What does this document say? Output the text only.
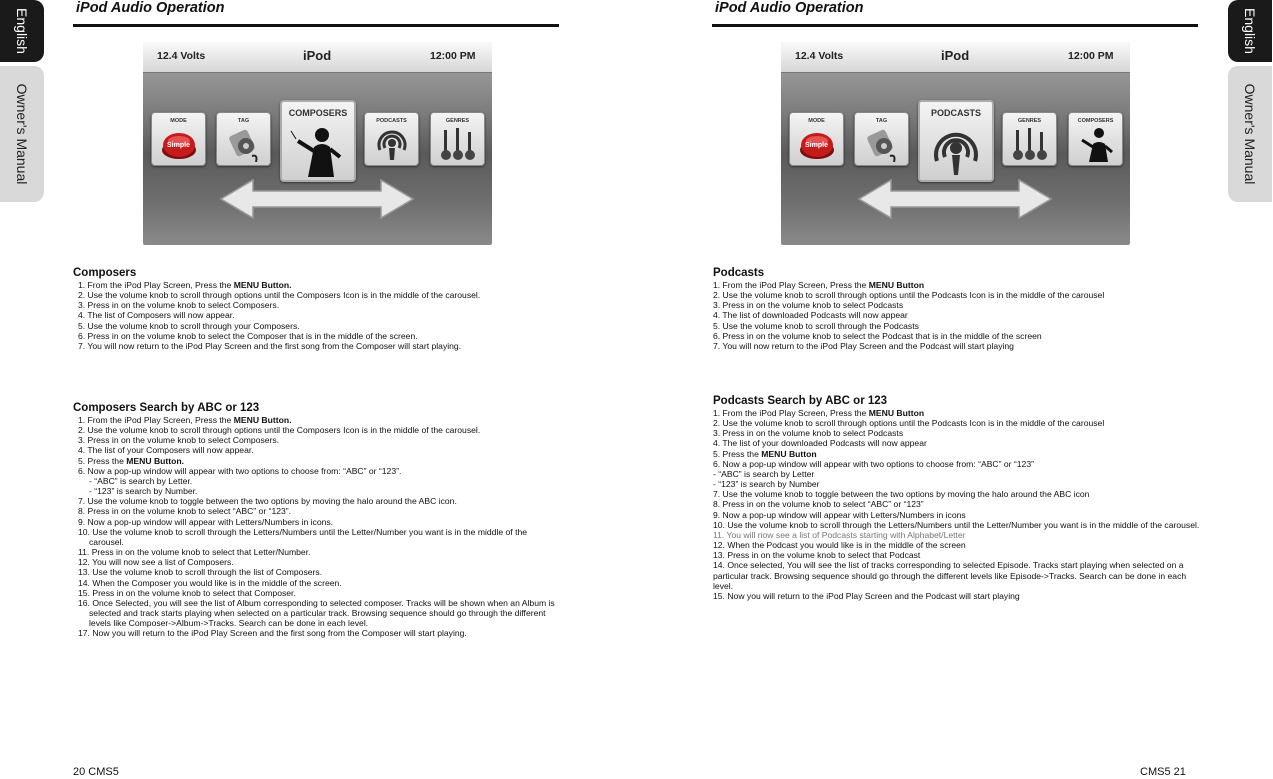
English
Owner's Manual
English
Owner's Manual
iPod Audio Operation	iPod Audio Operation
12.4 Volts	iPod	12:00 PM
MODE
Simple
TAG
COMPOSERS
PODCASTS	GENRES
12.4 Volts	iPod	12:00 PM
MODE
Simple
TAG
PODCASTS
GENRES	COMPOSERS
Composers
1. From the iPod Play Screen, Press the MENU Button.
2. Use the volume knob to scroll through options until the Composers Icon is in the middle of the carousel.
3. Press in on the volume knob to select Composers.
4. The list of Composers will now appear.
5. Use the volume knob to scroll through your Composers.
6. Press in on the volume knob to select the Composer that is in the middle of the screen.
7. You will now return to the iPod Play Screen and the first song from the Composer will start playing.
Composers Search by ABC or 123
1. From the iPod Play Screen, Press the MENU Button.
2. Use the volume knob to scroll through options until the Composers Icon is in the middle of the carousel.
3. Press in on the volume knob to select Composers.
4. The list of your Composers will now appear.
5. Press the MENU Button.
6. Now a pop-up window will appear with two options to choose from: “ABC” or “123”.
- “ABC” is search by Letter.
- “123” is search by Number.
7. Use the volume knob to toggle between the two options by moving the halo around the ABC icon.
8. Press in on the volume knob to select “ABC” or “123”.
9. Now a pop-up window will appear with Letters/Numbers in icons.
10. Use the volume knob to scroll through the Letters/Numbers until the Letter/Number you want is in the middle of the carousel.
11. Press in on the volume knob to select that Letter/Number.
12. You will now see a list of Composers.
13. Use the volume knob to scroll through the list of Composers.
14. When the Composer you would like is in the middle of the screen.
15. Press in on the volume knob to select that Composer.
16. Once Selected, you will see the list of Album corresponding to selected composer. Tracks will be shown when an Album is selected and track starts playing when selected on a particular track. Browsing sequence should go through the different levels like Composer->Album->Tracks. Search can be done in each level.
17. Now you will return to the iPod Play Screen and the first song from the Composer will start playing.
Podcasts
1. From the iPod Play Screen, Press the MENU Button
2. Use the volume knob to scroll through options until the Podcasts Icon is in the middle of the carousel
3. Press in on the volume knob to select Podcasts
4. The list of downloaded Podcasts will now appear
5. Use the volume knob to scroll through the Podcasts
6. Press in on the volume knob to select the Podcast that is in the middle of the screen
7. You will now return to the iPod Play Screen and the Podcast will start playing
Podcasts Search by ABC or 123
1. From the iPod Play Screen, Press the MENU Button
2. Use the volume knob to scroll through options until the Podcasts Icon is in the middle of the carousel
3. Press in on the volume knob to select Podcasts
4. The list of your downloaded Podcasts will now appear
5. Press the MENU Button
6. Now a pop-up window will appear with two options to choose from: “ABC” or “123”
- “ABC” is search by Letter
- “123” is search by Number
7. Use the volume knob to toggle between the two options by moving the halo around the ABC icon
8. Press in on the volume knob to select “ABC” or “123”
9. Now a pop-up window will appear with Letters/Numbers in icons
10. Use the volume knob to scroll through the Letters/Numbers until the Letter/Number you want is in the middle of the carousel.
11. You will now see a list of Podcasts starting with Alphabet/Letter
12. When the Podcast you would like is in the middle of the screen
13. Press in on the volume knob to select that Podcast
14. Once selected, You will see the list of tracks corresponding to selected Episode. Tracks start playing when selected on a particular track. Browsing sequence should go through the different levels like Episode->Tracks. Search can be done in each level.
15. Now you will return to the iPod Play Screen and the Podcast will start playing
20 CMS5	CMS5 21
